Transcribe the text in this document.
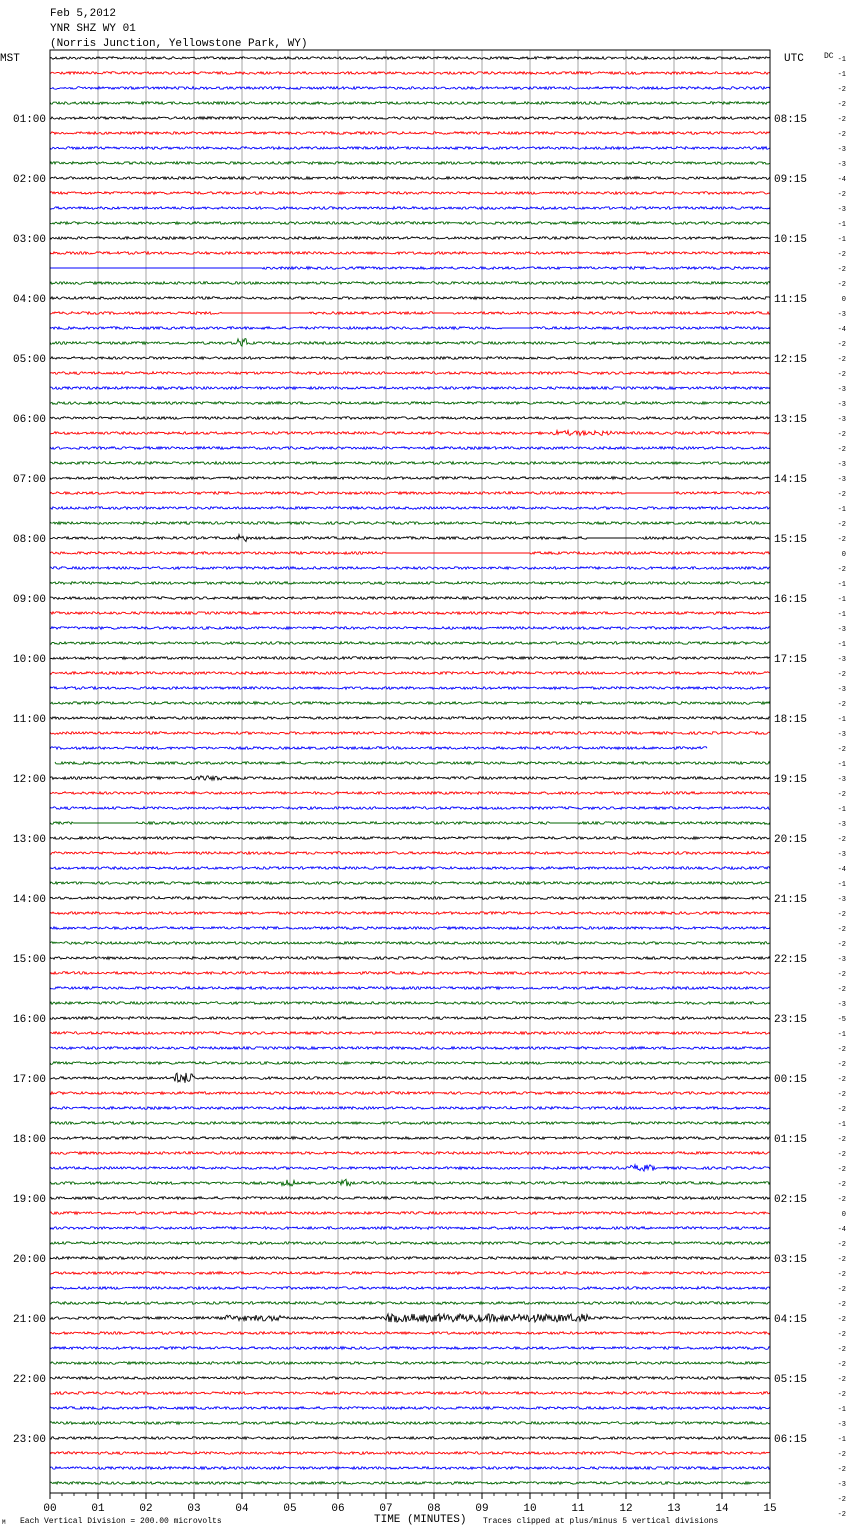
Feb 5,2012
YNR SHZ WY 01
(Norris Junction, Yellowstone Park, WY)
MST	UTC	DC
01:00
02:00
03:00
04:00
05:00
06:00
07:00
08:00
09:00
10:00
11:00
12:00
13:00
14:00
15:00
16:00
17:00
18:00
19:00
20:00
21:00
22:00
23:00
08:15
09:15
10:15
11:15
12:15
13:15
14:15
15:15
16:15
17:15
18:15
19:15
20:15
21:15
22:15
23:15
00:15
01:15
02:15
03:15
04:15
05:15
06:15
-1
-1
-2
-2
-2
-2
-3
-3
-4
-2
-3
-1
-1
-2
-2
-2
0
-3
-4
-2
-2
-2
-3
-3
-3
-2
-2
-3
-3
-2
-1
-2
-2
0
-2
-1
-1
-1
-3
-1
-3
-2
-3
-2
-1
-3
-2
-1
-3
-2
-1
-3
-2
-3
-4
-1
-3
-2
-2
-2
-3
-2
-2
-3
-5
-1
-2
-2
-2
-2
-2
-1
-2
-2
-2
-2
-2
0
-4
-2
-2
-2
-2
-2
-2
-2
-2
-2
-2
-2
-1
-3
-1
-2
-2
-3
-2
-2
00	01	02	03	04	05	06	07	08	09	10	11	12	13	14	15
TIME (MINUTES)
M Each Vertical Division = 200.00 microvolts	Traces clipped at plus/minus 5 vertical divisions
